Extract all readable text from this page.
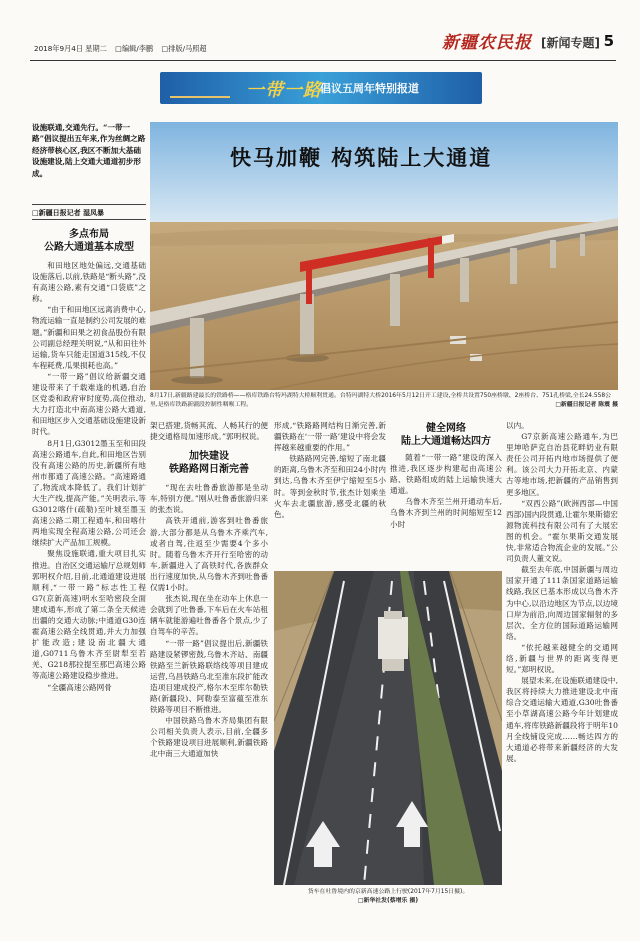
2018年9月4日 星期二 □编辑/李鹏 □排版/马照超	新疆农民报 [新闻专题] 5
一带一路
倡议五周年特别报道
设施联通,交通先行。“一带一路”倡议提出五年来,作为丝绸之路经济带核心区,我区不断加大基础设施建设,陆上交通大通道初步形成。
□新疆日报记者 湿凤暴
多点布局
公路大通道基本成型

和田地区地处偏远,交通基础设施落后,以前,铁路是“断头路”,没有高速公路,素有交通“口袋底”之称。

“由于和田地区远离消费中心,物流运输一直是制约公司发展的难题。”新疆和田果之初食品股份有限公司副总经理关明说,“从和田往外运输,货车只能走国道315线,不仅车程耗费,瓜果损耗也高。”

“一带一路”倡议给新疆交通建设带来了千载难逢的机遇,自治区党委和政府审时度势,高位推动,大力打造北中南高速公路大通道,和田地区步入交通基础设施建设新时代。

8月1日,G3012墨玉至和田段高速公路通车,自此,和田地区告别没有高速公路的历史,新疆所有地州市都通了高速公路。“高速路通了,物流成本降低了。我们计划扩大生产线,提高产能。”关明表示,等G3012喀什(疏勒)至叶城至墨玉高速公路二期工程通车,和田喀什两地实现全程高速公路,公司还会继续扩大产品加工规模。

聚焦设施联通,重大项目扎实推进。自治区交通运输厅总规划师郭明权介绍,目前,北通道建设进展顺利,“一带一路”标志性工程G7(京新高速)明水至哈密段全面建成通车,形成了第二条全天候进出疆的交通大动脉;中通道G30连霍高速公路全线贯通,并大力加强扩能改造;建设南北疆大通道,G0711乌鲁木齐至尉犁至若羌、G218那拉提至那巴高速公路等高速公路建设稳步推进。

“全疆高速公路网骨

快马加鞭 构筑陆上大通道
8月17日,新疆路建最长的铁路桥——格库铁路台特玛湖特大桥顺利贯通。台特玛湖特大桥2016年5月12日开工建设,全桥共设置750座桥墩、2座桥台、751孔桥梁,全长24.558公里,是格库铁路新疆段控制性咽喉工程。	□新疆日报记者 陈震 摄

架已搭建,货畅其流、人畅其行的便捷交通格局加速形成。”郭明权说。

加快建设
铁路路网日渐完善

“现在去吐鲁番旅游都是坐动车,特别方便。”刚从吐鲁番旅游归来的张杰说。

高铁开通前,游客到吐鲁番旅游,大部分都是从乌鲁木齐乘汽车,或者自驾,往返至少需要4个多小时。随着乌鲁木齐开行至哈密的动车,新疆进入了高铁时代,各族群众出行速度加快,从乌鲁木齐到吐鲁番仅需1小时。

张杰说,现在坐在动车上休息一会就到了吐鲁番,下车后在火车站租辆车就能游遍吐鲁番各个景点,少了自驾车的辛苦。

“一带一路”倡议提出后,新疆铁路建设紧锣密鼓,乌鲁木齐站、南疆铁路至兰新铁路联络线等项目建成运营,乌昌铁路乌北至准东段扩能改造项目建成投产,格尔木至库尔勒铁路(新疆段)、阿勒泰至富蕴至准东铁路等项目不断推进。

中国铁路乌鲁木齐局集团有限公司相关负责人表示,目前,全疆多个铁路建设项目进展顺利,新疆铁路北中南三大通道加快

形成,“铁路路网结构日渐完善,新疆铁路在‘一带一路’建设中将会发挥越来越重要的作用。”

铁路路网完善,缩短了南北疆的距离,乌鲁木齐至和田24小时内到达,乌鲁木齐至伊宁缩短至5小时。等到金秋时节,张杰计划乘坐火车去北疆旅游,感受北疆的秋色。

健全网络
陆上大通道畅达四方

随着“一带一路”建设的深入推进,我区逐步构建起由高速公路、铁路组成的陆上运输快速大通道。

乌鲁木齐至兰州开通动车后,乌鲁木齐到兰州的时间缩短至12小时

货车在吐鲁境内的京新高速公路上行驶(2017年7月15日摄)。
□新华社发(蔡增乐 摄)

以内。

G7京新高速公路通车,为巴里坤哈萨克自治县花畔奶业有限责任公司开拓内地市场提供了便利。该公司大力开拓北京、内蒙古等地市场,把新疆的产品销售到更多地区。

“双西公路”(欧洲西部—中国西部)国内段贯通,让霍尔果斯德宏源物流科技有限公司有了大展宏图的机会。“霍尔果斯交通发展快,非常适合物流企业的发展。”公司负责人董文说。

截至去年底,中国新疆与周边国家开通了111条国家道路运输线路,我区已基本形成以乌鲁木齐为中心,以沿边地区为节点,以边境口岸为前沿,向周边国家辐射的多层次、全方位的国际道路运输网络。

“依托越来越健全的交通网络,新疆与世界的距离变得更短。”郑明权说。

展望未来,在设施联通建设中,我区将持续大力推进建设北中南综合交通运输大通道,G30吐鲁番至小草湖高速公路今年计划建成通车,将库铁路新疆段将于明年10月全线铺设完成……畅达四方的大通道必将带来新疆经济的大发展。
